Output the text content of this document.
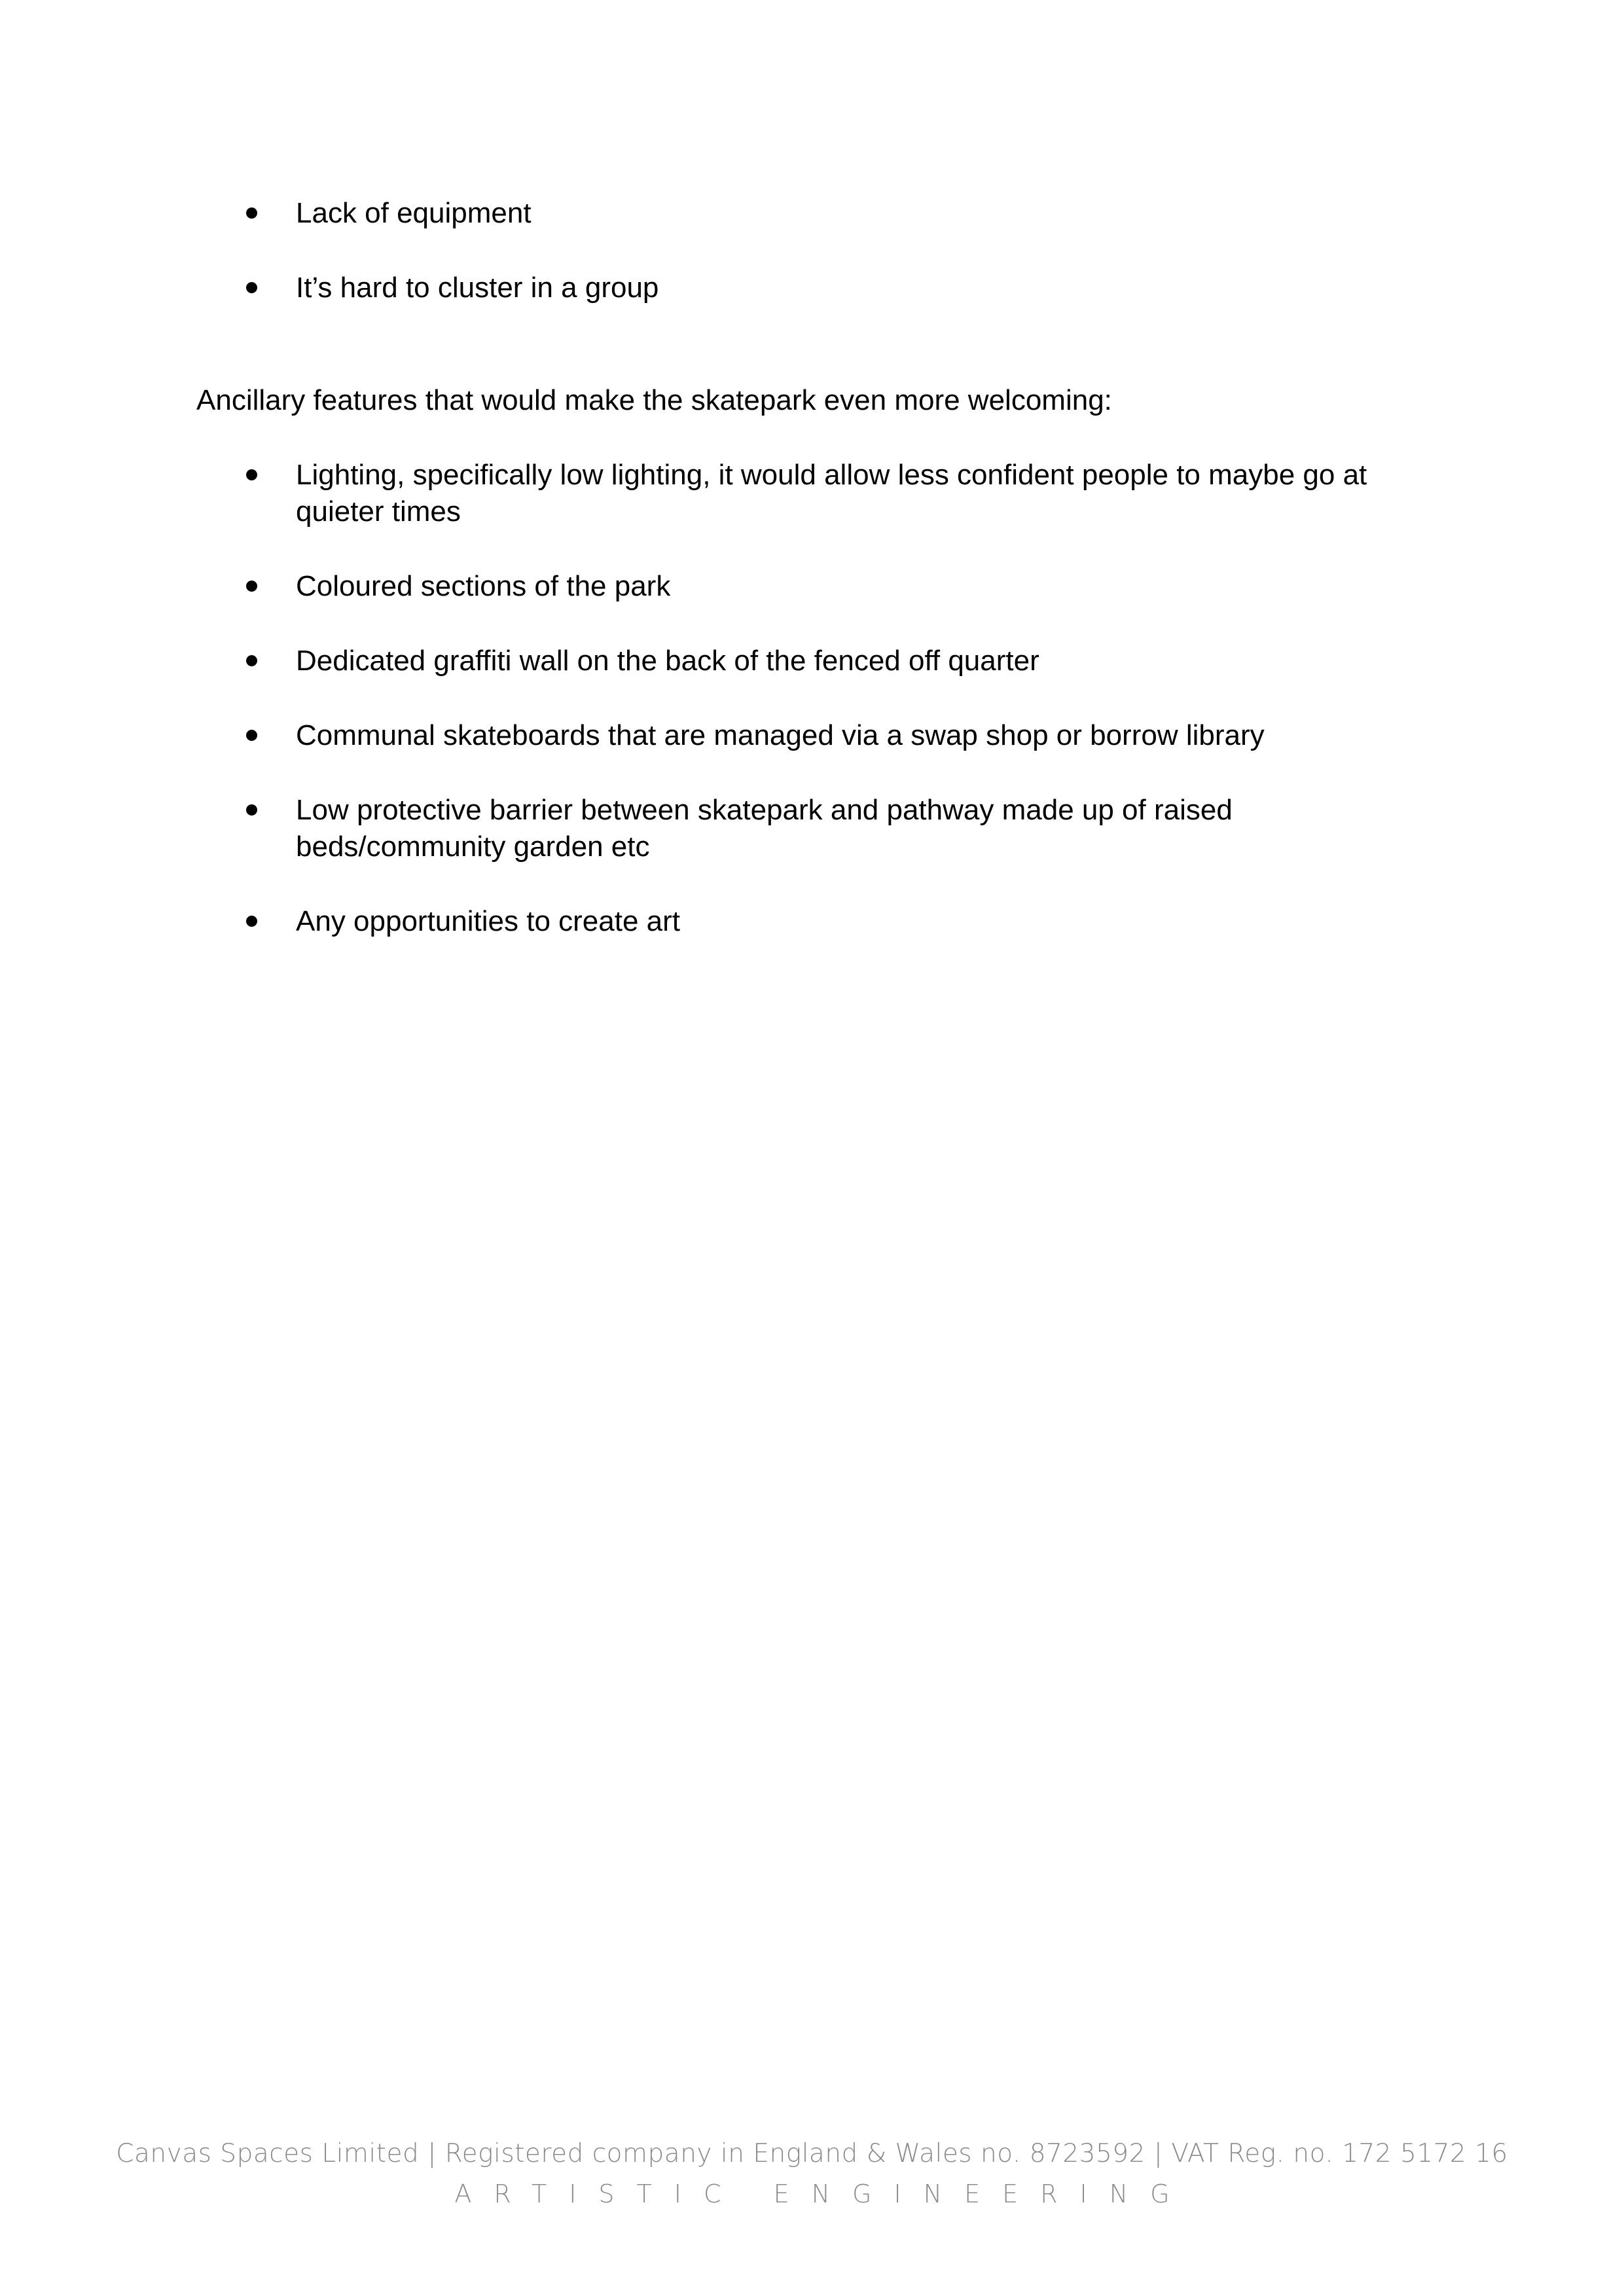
Lack of equipment
It’s hard to cluster in a group

Ancillary features that would make the skatepark even more welcoming:

Lighting, specifically low lighting, it would allow less confident people to maybe go at quieter times
Coloured sections of the park
Dedicated graffiti wall on the back of the fenced off quarter
Communal skateboards that are managed via a swap shop or borrow library
Low protective barrier between skatepark and pathway made up of raised beds/community garden etc
Any opportunities to create art
Canvas Spaces Limited | Registered company in England & Wales no. 8723592 | VAT Reg. no. 172 5172 16
ARTISTIC ENGINEERING
